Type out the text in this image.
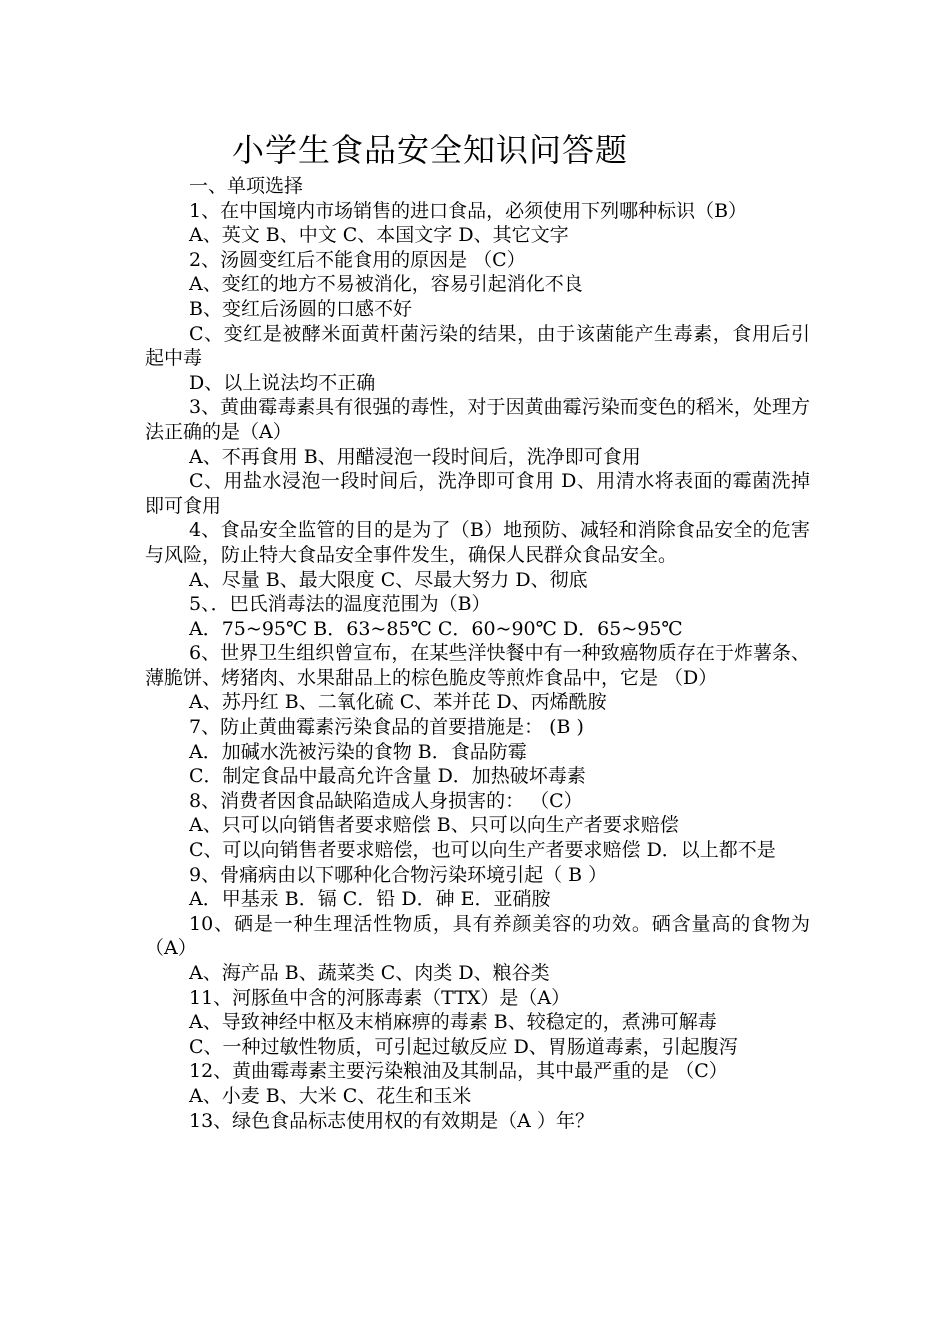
小学生食品安全知识问答题

一、单项选择

1、在中国境内市场销售的进口食品，必须使用下列哪种标识（B）

A、英文 B、中文 C、本国文字 D、其它文字

2、汤圆变红后不能食用的原因是 （C）

A、变红的地方不易被消化，容易引起消化不良

B、变红后汤圆的口感不好

C、变红是被酵米面黄杆菌污染的结果，由于该菌能产生毒素，食用后引起中毒

D、以上说法均不正确

3、黄曲霉毒素具有很强的毒性，对于因黄曲霉污染而变色的稻米，处理方法正确的是（A）

A、不再食用 B、用醋浸泡一段时间后，洗净即可食用

C、用盐水浸泡一段时间后，洗净即可食用 D、用清水将表面的霉菌洗掉即可食用

4、食品安全监管的目的是为了（B）地预防、减轻和消除食品安全的危害与风险，防止特大食品安全事件发生，确保人民群众食品安全。

A、尽量 B、最大限度 C、尽最大努力 D、彻底

5、．巴氏消毒法的温度范围为（B）

A．75~95℃ B．63~85℃ C．60~90℃ D．65~95℃

6、世界卫生组织曾宣布，在某些洋快餐中有一种致癌物质存在于炸薯条、薄脆饼、烤猪肉、水果甜品上的棕色脆皮等煎炸食品中，它是 （D）

A、苏丹红 B、二氧化硫 C、苯并芘 D、丙烯酰胺

7、防止黄曲霉素污染食品的首要措施是： (B )

A．加碱水洗被污染的食物 B．食品防霉

C．制定食品中最高允许含量 D．加热破坏毒素

8、消费者因食品缺陷造成人身损害的： （C）

A、只可以向销售者要求赔偿 B、只可以向生产者要求赔偿

C、可以向销售者要求赔偿，也可以向生产者要求赔偿 D．以上都不是

9、骨痛病由以下哪种化合物污染环境引起（ B ）

A．甲基汞 B．镉 C．铅 D．砷 E．亚硝胺

10、硒是一种生理活性物质，具有养颜美容的功效。硒含量高的食物为 （A）

A、海产品 B、蔬菜类 C、肉类 D、粮谷类

11、河豚鱼中含的河豚毒素（TTX）是（A）

A、导致神经中枢及末梢麻痹的毒素 B、较稳定的，煮沸可解毒

C、一种过敏性物质，可引起过敏反应 D、胃肠道毒素，引起腹泻

12、黄曲霉毒素主要污染粮油及其制品，其中最严重的是 （C）

A、小麦 B、大米 C、花生和玉米

13、绿色食品标志使用权的有效期是（A ）年？
